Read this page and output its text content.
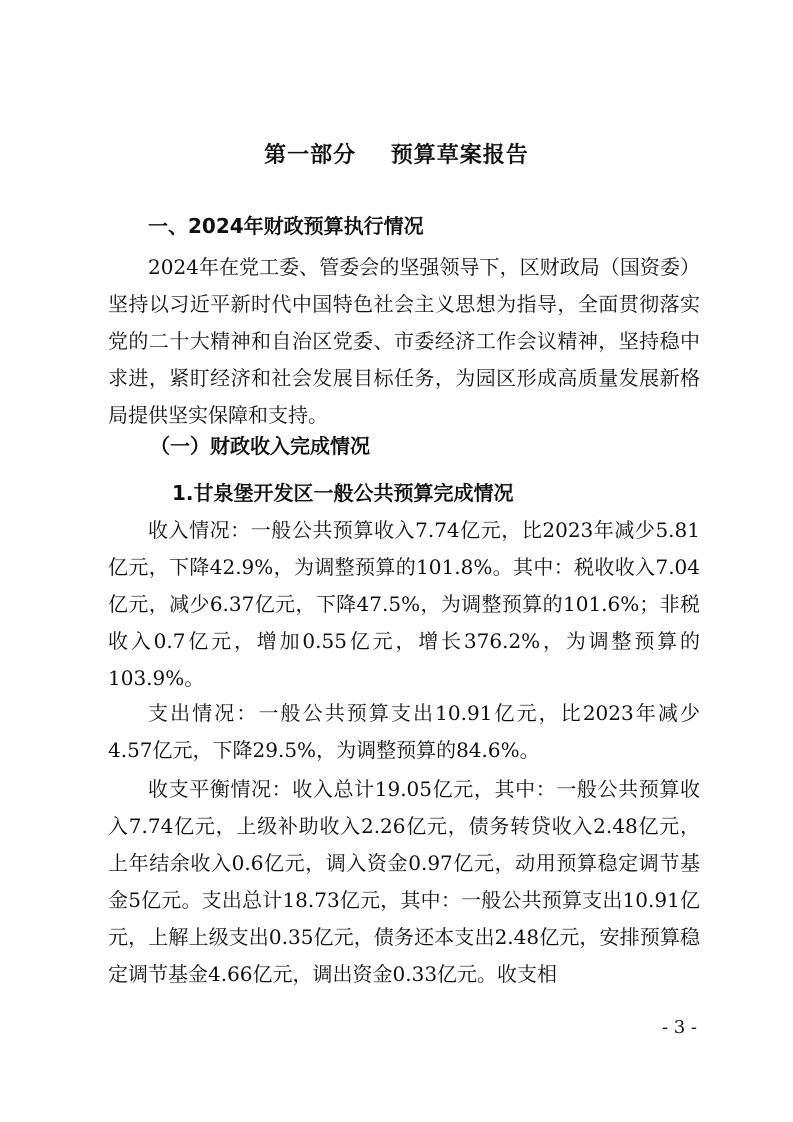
第一部分    预算草案报告
一、2024年财政预算执行情况

2024年在党工委、管委会的坚强领导下，区财政局（国资委）坚持以习近平新时代中国特色社会主义思想为指导，全面贯彻落实党的二十大精神和自治区党委、市委经济工作会议精神，坚持稳中求进，紧盯经济和社会发展目标任务，为园区形成高质量发展新格局提供坚实保障和支持。

（一）财政收入完成情况
1.甘泉堡开发区一般公共预算完成情况

收入情况：一般公共预算收入7.74亿元，比2023年减少5.81亿元，下降42.9%，为调整预算的101.8%。其中：税收收入7.04亿元，减少6.37亿元，下降47.5%，为调整预算的101.6%；非税收入0.7亿元，增加0.55亿元，增长376.2%，为调整预算的103.9%。

支出情况：一般公共预算支出10.91亿元，比2023年减少4.57亿元，下降29.5%，为调整预算的84.6%。

收支平衡情况：收入总计19.05亿元，其中：一般公共预算收入7.74亿元，上级补助收入2.26亿元，债务转贷收入2.48亿元，上年结余收入0.6亿元，调入资金0.97亿元，动用预算稳定调节基金5亿元。支出总计18.73亿元，其中：一般公共预算支出10.91亿元，上解上级支出0.35亿元，债务还本支出2.48亿元，安排预算稳定调节基金4.66亿元，调出资金0.33亿元。收支相

- 3 -
